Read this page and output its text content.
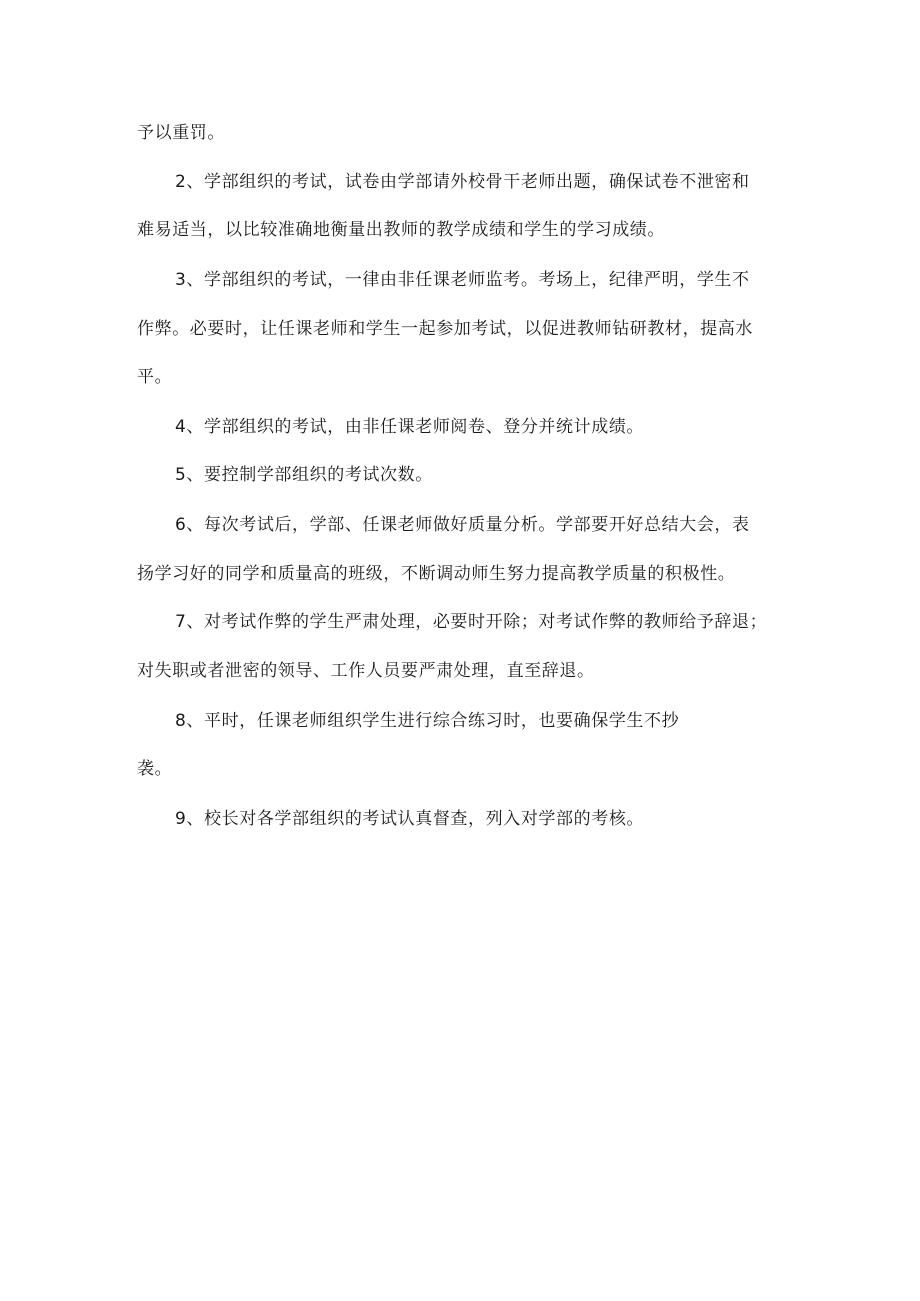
予以重罚。
2、学部组织的考试，试卷由学部请外校骨干老师出题，确保试卷不泄密和
难易适当，以比较准确地衡量出教师的教学成绩和学生的学习成绩。
3、学部组织的考试，一律由非任课老师监考。考场上，纪律严明，学生不
作弊。必要时，让任课老师和学生一起参加考试，以促进教师钻研教材，提高水
平。
4、学部组织的考试，由非任课老师阅卷、登分并统计成绩。
5、要控制学部组织的考试次数。
6、每次考试后，学部、任课老师做好质量分析。学部要开好总结大会，表
扬学习好的同学和质量高的班级，不断调动师生努力提高教学质量的积极性。
7、对考试作弊的学生严肃处理，必要时开除；对考试作弊的教师给予辞退；
对失职或者泄密的领导、工作人员要严肃处理，直至辞退。
8、平时，任课老师组织学生进行综合练习时，也要确保学生不抄
袭。
9、校长对各学部组织的考试认真督查，列入对学部的考核。
